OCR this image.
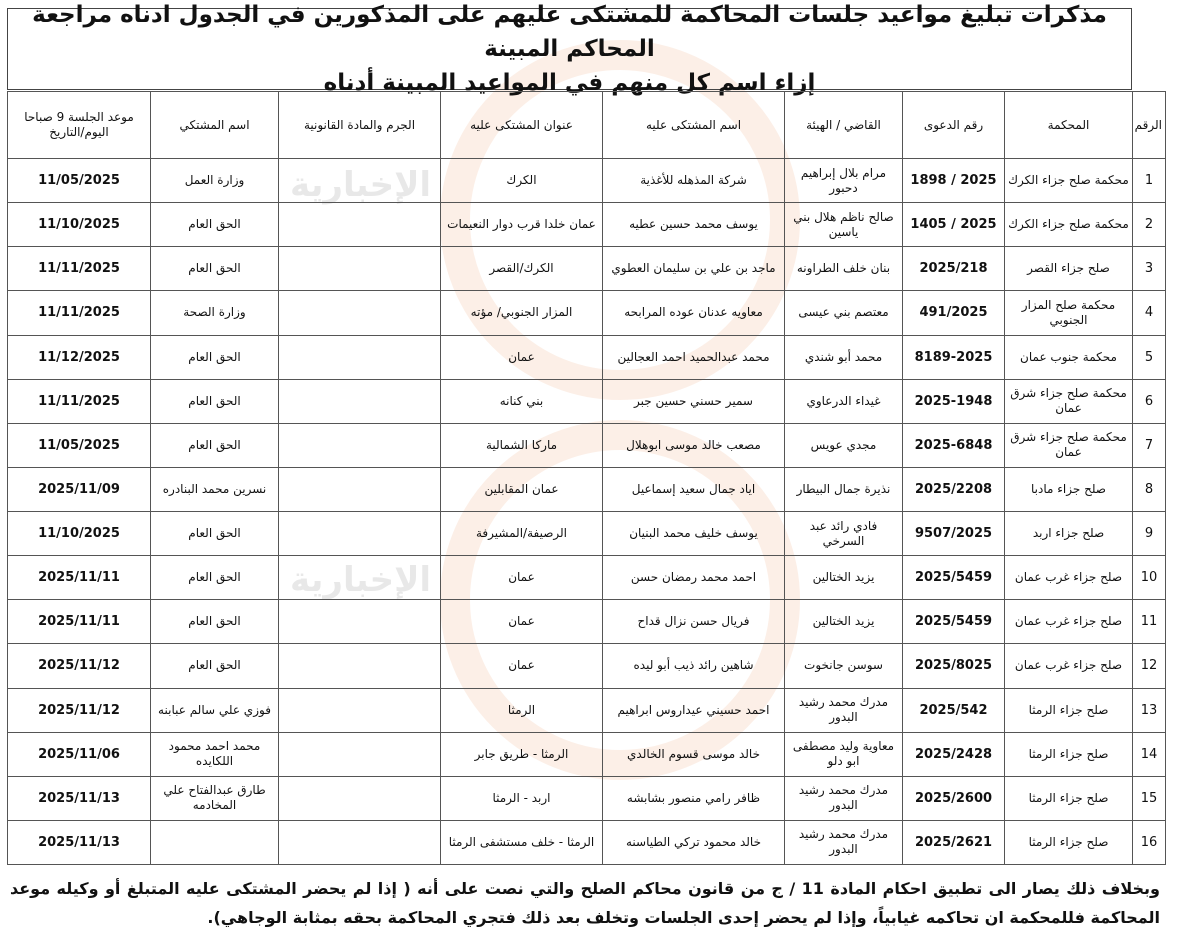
الإخبارية
الإخبارية
مذكرات تبليغ مواعيد جلسات المحاكمة للمشتكى عليهم على المذكورين في الجدول ادناه مراجعة المحاكم المبينة
إزاء اسم كل منهم في المواعيد المبينة أدناه
الرقم	المحكمة	رقم الدعوى	القاضي / الهيئة	اسم المشتكى عليه	عنوان المشتكى عليه	الجرم والمادة القانونية	اسم المشتكي	موعد الجلسة 9 صباحا اليوم/التاريخ
1	محكمة صلح جزاء الكرك	1898 / 2025	مرام بلال إبراهيم دحبور	شركة المذهله للأغذية	الكرك		وزارة العمل	11/05/2025
2	محكمة صلح جزاء الكرك	1405 / 2025	صالح ناظم هلال بني ياسين	يوسف محمد حسين عطيه	عمان خلدا قرب دوار النعيمات		الحق العام	11/10/2025
3	صلح جزاء القصر	2025/218	بنان خلف الطراونه	ماجد بن علي بن سليمان العطوي	الكرك/القصر		الحق العام	11/11/2025
4	محكمة صلح المزار الجنوبي	491/2025	معتصم بني عيسى	معاويه عدنان عوده المرابحه	المزار الجنوبي/ مؤته		وزارة الصحة	11/11/2025
5	محكمة جنوب عمان	8189-2025	محمد أبو شندي	محمد عبدالحميد احمد العجالين	عمان		الحق العام	11/12/2025
6	محكمة صلح جزاء شرق عمان	2025-1948	غيداء الدرعاوي	سمير حسني حسين جبر	بني كنانه		الحق العام	11/11/2025
7	محكمة صلح جزاء شرق عمان	2025-6848	مجدي عويس	مصعب خالد موسى ابوهلال	ماركا الشمالية		الحق العام	11/05/2025
8	صلح جزاء مادبا	2025/2208	نذيرة جمال البيطار	اياد جمال سعيد إسماعيل	عمان المقابلين		نسرين محمد البنادره	2025/11/09
9	صلح جزاء اربد	9507/2025	فادي رائد عبد السرخي	يوسف خليف محمد البنيان	الرصيفة/المشيرفة		الحق العام	11/10/2025
10	صلح جزاء غرب عمان	2025/5459	يزيد الختالين	احمد محمد رمضان حسن	عمان		الحق العام	2025/11/11
11	صلح جزاء غرب عمان	2025/5459	يزيد الختالين	فريال حسن نزال قداح	عمان		الحق العام	2025/11/11
12	صلح جزاء غرب عمان	2025/8025	سوسن جانخوت	شاهين رائد ذيب أبو ليده	عمان		الحق العام	2025/11/12
13	صلح جزاء الرمثا	2025/542	مدرك محمد رشيد البدور	احمد حسيني عيداروس ابراهيم	الرمثا		فوزي علي سالم عبابنه	2025/11/12
14	صلح جزاء الرمثا	2025/2428	معاوية وليد مصطفى ابو دلو	خالد موسى قسوم الخالدي	الرمثا - طريق جابر		محمد احمد محمود اللكايده	2025/11/06
15	صلح جزاء الرمثا	2025/2600	مدرك محمد رشيد البدور	ظافر رامي منصور بشابشه	اربد - الرمثا		طارق عبدالفتاح علي المخادمه	2025/11/13
16	صلح جزاء الرمثا	2025/2621	مدرك محمد رشيد البدور	خالد محمود تركي الطياسنه	الرمثا - خلف مستشفى الرمثا			2025/11/13
وبخلاف ذلك يصار الى تطبيق احكام المادة 11 / ج من قانون محاكم الصلح والتي نصت على أنه ( إذا لم يحضر المشتكى عليه المتبلغ أو وكيله موعد المحاكمة فللمحكمة ان تحاكمه غيابياً، وإذا لم يحضر إحدى الجلسات وتخلف بعد ذلك فتجري المحاكمة بحقه بمثابة الوجاهي).
